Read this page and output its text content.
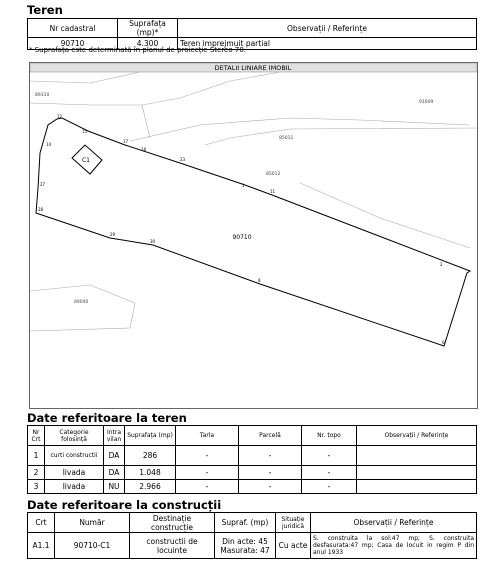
Teren
Nr cadastral	Suprafața (mp)*	Observații / Referințe
90710	4.300	Teren imprejmuit partial
* Suprafața este determinată în planul de proiecție Stereo 70.
DETALII LINIARE IMOBIL
C1
90710
89310
91609
85011
85012
89040
12
14
15
17
18
23
1
11
2
6
8
30
29
28
27
Date referitoare la teren
Nr Crt	Categorie folosință	Intra vilan	Suprafața (mp)	Tarla	Parcelă	Nr. topo	Observații / Referințe
1	curti constructii	DA	286	-	-	-	
2	livada	DA	1.048	-	-	-	
3	livada	NU	2.966	-	-	-	
Date referitoare la construcții
Crt	Număr	Destinație construcție	Supraf. (mp)	Situație juridică	Observații / Referințe
A1.1	90710-C1	constructii de locuinte	Din acte: 45
Masurata: 47	Cu acte	S. construita la sol:47 mp; S. construita desfasurata:47 mp; Casa de locuit in regim P din anul 1933
